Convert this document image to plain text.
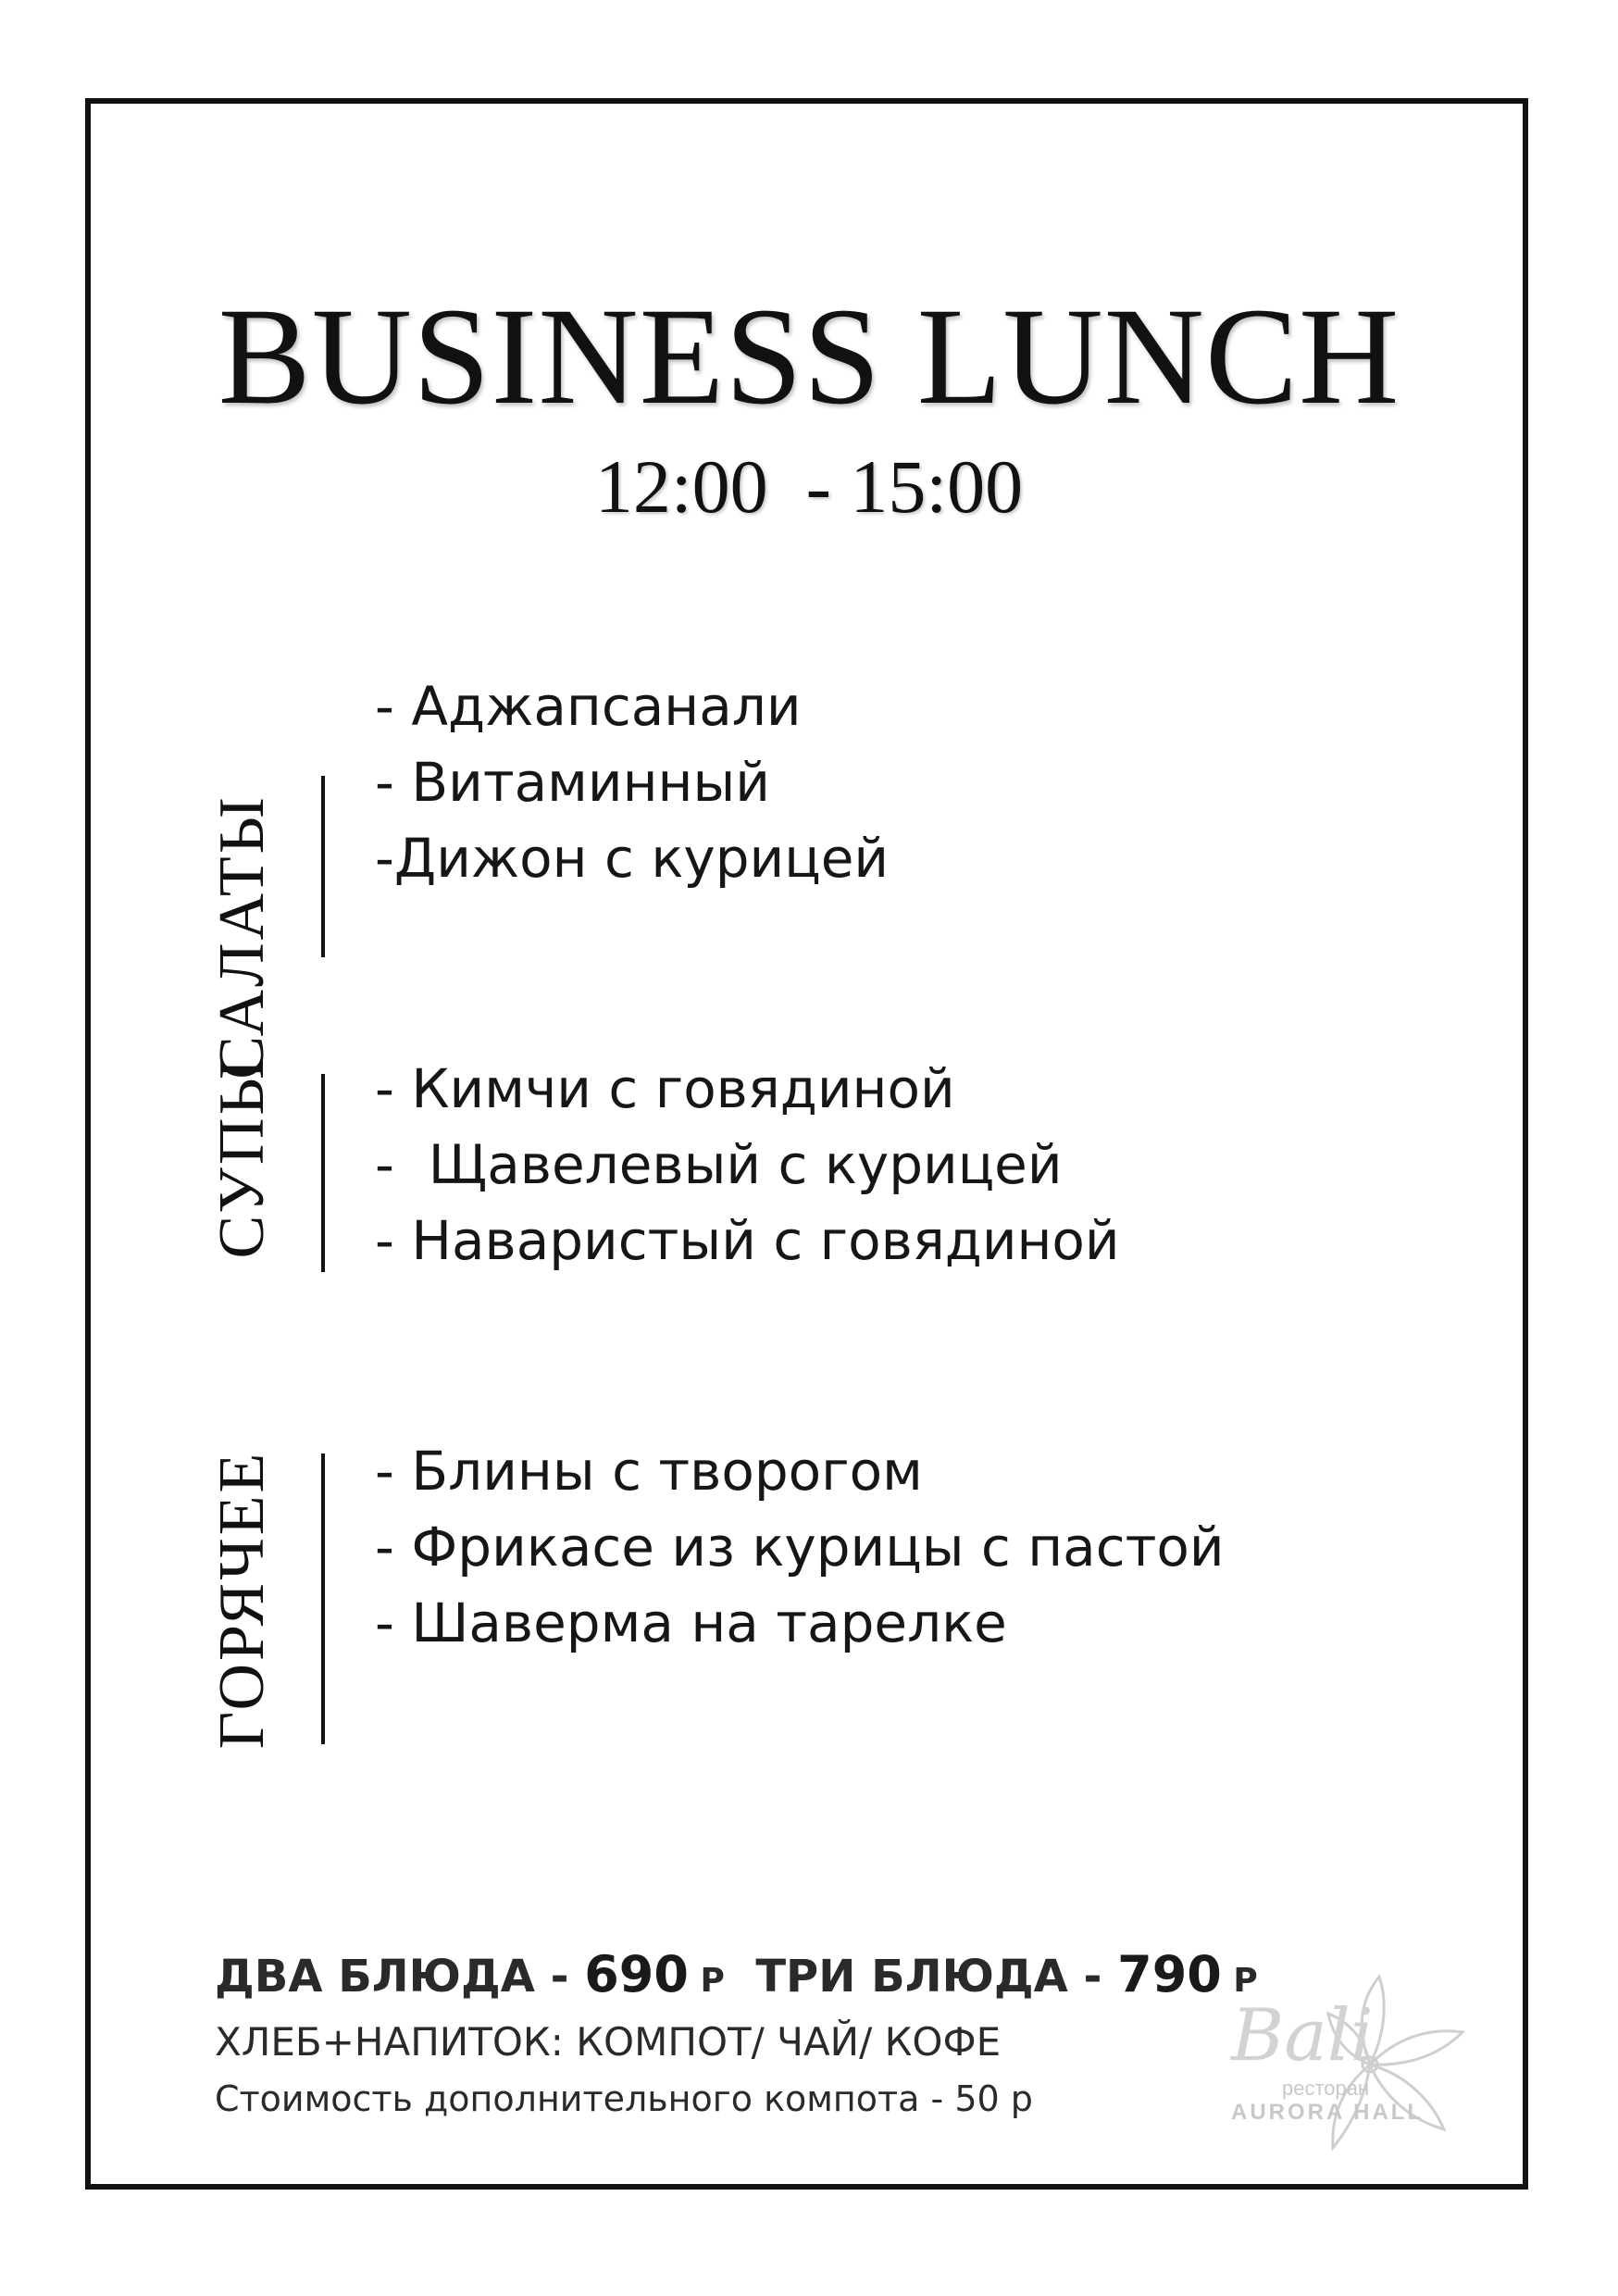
BUSINESS LUNCH
12:00  - 15:00
САЛАТЫ
- Аджапсанали
- Витаминный
-Дижон с курицей
СУПЫ - Кимчи с говядиной
-  Щавелевый с курицей
- Наваристый с говядиной
ГОРЯЧЕЕ - Блины с творогом
- Фрикасе из курицы с пастой
- Шаверма на тарелке
ДВА БЛЮДА - 690 Р  ТРИ БЛЮДА - 790 Р
ХЛЕБ+НАПИТОК: КОМПОТ/ ЧАЙ/ КОФЕ
Стоимость дополнительного компота - 50 р
Bali
ресторан
AURORA HALL
